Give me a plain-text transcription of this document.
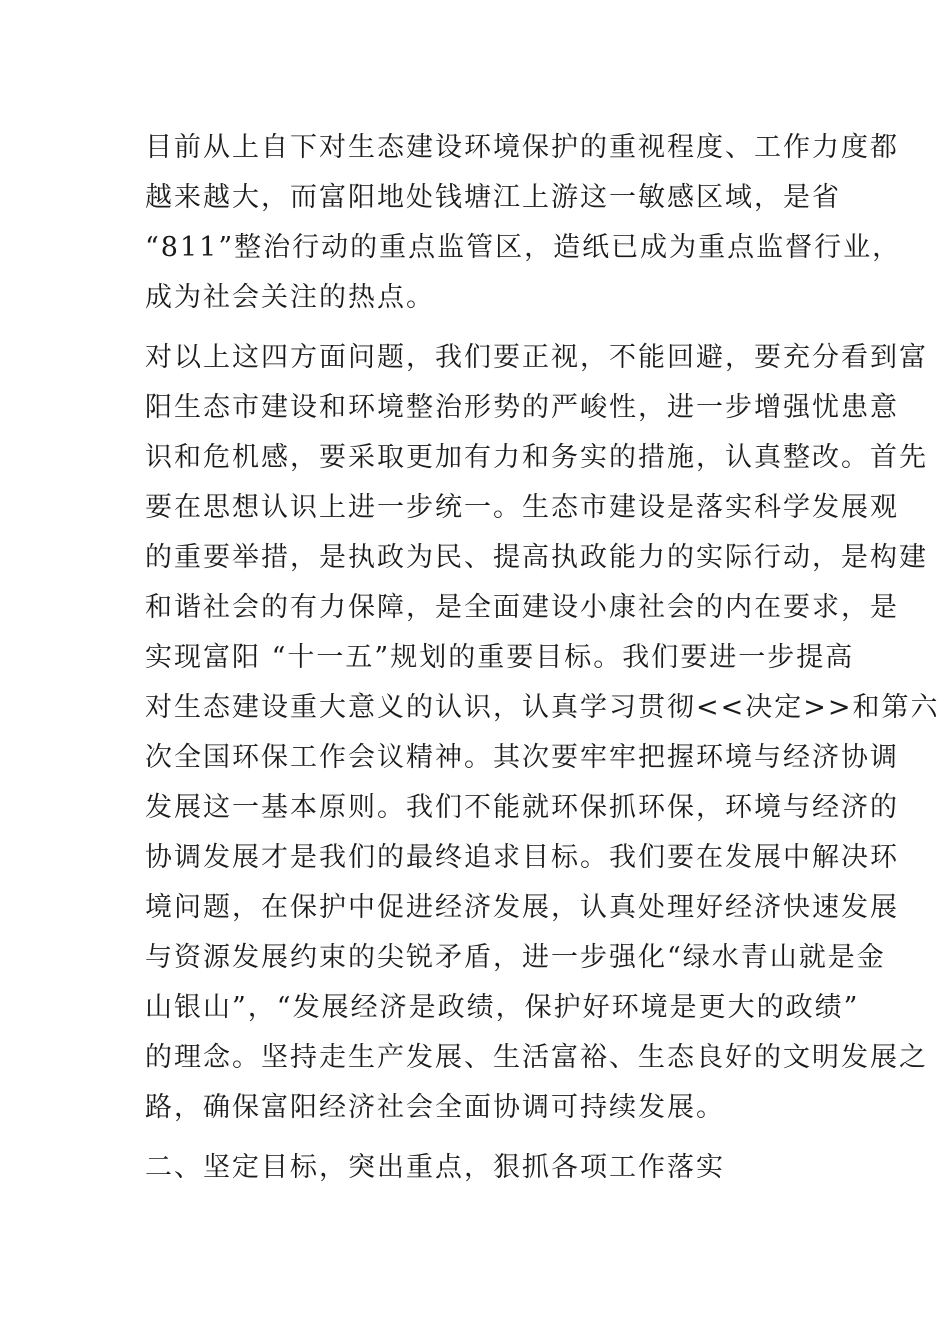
目前从上自下对生态建设环境保护的重视程度、工作力度都
越来越大，而富阳地处钱塘江上游这一敏感区域，是省
“811”整治行动的重点监管区，造纸已成为重点监督行业，
成为社会关注的热点。
对以上这四方面问题，我们要正视，不能回避，要充分看到富
阳生态市建设和环境整治形势的严峻性，进一步增强忧患意
识和危机感，要采取更加有力和务实的措施，认真整改。首先
要在思想认识上进一步统一。生态市建设是落实科学发展观
的重要举措，是执政为民、提高执政能力的实际行动，是构建
和谐社会的有力保障，是全面建设小康社会的内在要求，是
实现富阳 “十一五”规划的重要目标。我们要进一步提高
对生态建设重大意义的认识，认真学习贯彻<<决定>>和第六
次全国环保工作会议精神。其次要牢牢把握环境与经济协调
发展这一基本原则。我们不能就环保抓环保，环境与经济的
协调发展才是我们的最终追求目标。我们要在发展中解决环
境问题，在保护中促进经济发展，认真处理好经济快速发展
与资源发展约束的尖锐矛盾，进一步强化“绿水青山就是金
山银山”，“发展经济是政绩，保护好环境是更大的政绩”
的理念。坚持走生产发展、生活富裕、生态良好的文明发展之
路，确保富阳经济社会全面协调可持续发展。
二、坚定目标，突出重点，狠抓各项工作落实
